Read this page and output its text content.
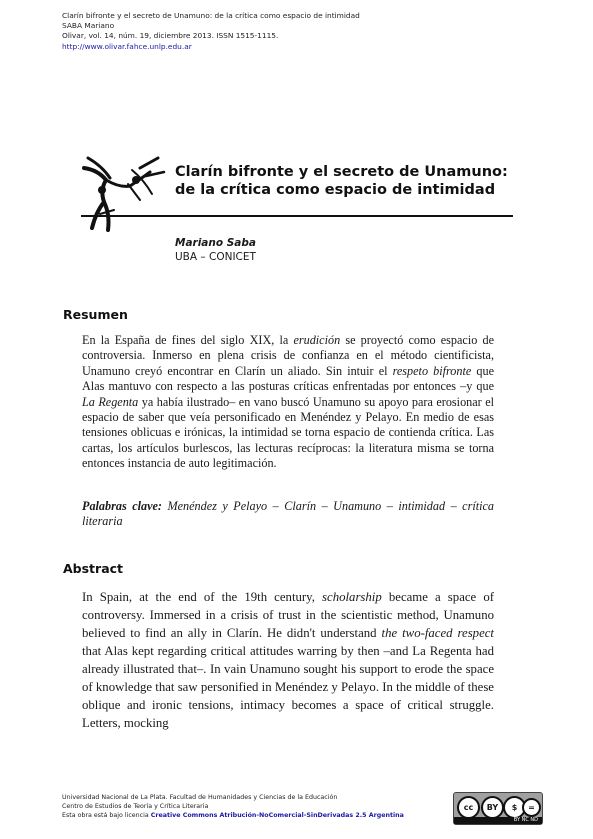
Clarín bifronte y el secreto de Unamuno: de la crítica como espacio de intimidad
SABA Mariano
Olivar, vol. 14, núm. 19, diciembre 2013. ISSN 1515-1115.
http://www.olivar.fahce.unlp.edu.ar
Clarín bifronte y el secreto de Unamuno: de la crítica como espacio de intimidad
Mariano Saba
UBA – CONICET
Resumen
En la España de fines del siglo XIX, la erudición se proyectó como espacio de controversia. Inmerso en plena crisis de confianza en el método cientificista, Unamuno creyó encontrar en Clarín un aliado. Sin intuir el respeto bifronte que Alas mantuvo con respecto a las posturas críticas enfrentadas por entonces –y que La Regenta ya había ilustrado– en vano buscó Unamuno su apoyo para erosionar el espacio de saber que veía personificado en Menéndez y Pelayo. En medio de esas tensiones oblicuas e irónicas, la intimidad se torna espacio de contienda crítica. Las cartas, los artículos burlescos, las lecturas recíprocas: la literatura misma se torna entonces instancia de auto legitimación.
Palabras clave: Menéndez y Pelayo – Clarín – Unamuno – intimidad – crítica literaria
Abstract
In Spain, at the end of the 19th century, scholarship became a space of controversy. Immersed in a crisis of trust in the scientistic method, Unamuno believed to find an ally in Clarín. He didn't understand the two-faced respect that Alas kept regarding critical attitudes warring by then –and La Regenta had already illustrated that–. In vain Unamuno sought his support to erode the space of knowledge that saw personified in Menéndez y Pelayo. In the middle of these oblique and ironic tensions, intimacy becomes a space of critical struggle. Letters, mocking
Universidad Nacional de La Plata. Facultad de Humanidades y Ciencias de la Educación
Centro de Estudios de Teoría y Crítica Literaria
Esta obra está bajo licencia Creative Commons Atribución-NoComercial-SinDerivadas 2.5 Argentina
cc	BY	$	=
BY NC ND
